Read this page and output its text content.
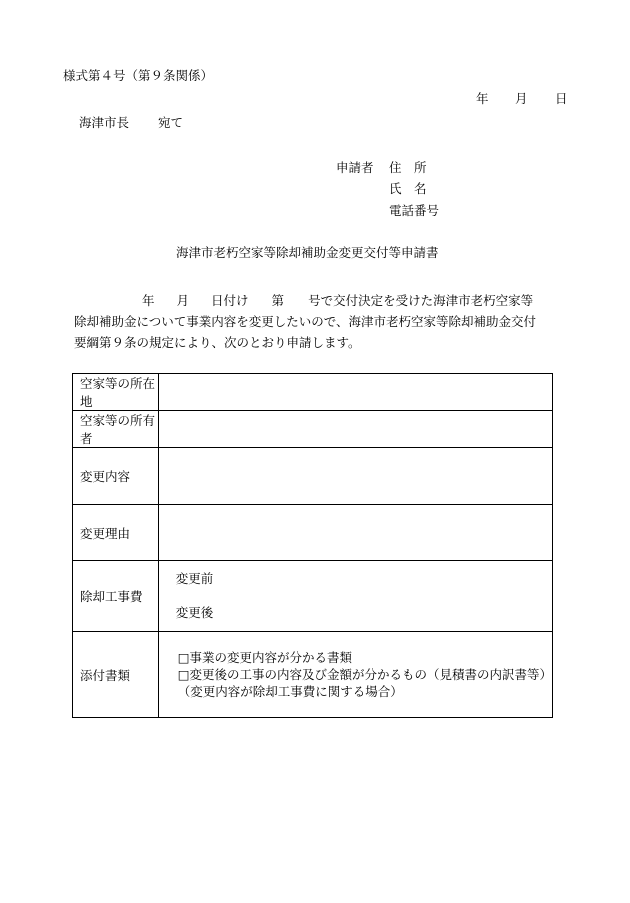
様式第４号（第９条関係）
年 月 日
海津市長 宛て
申請者 住　所
氏　名
電話番号
海津市老朽空家等除却補助金変更交付等申請書
年 月 日付け 第 号で交付決定を受けた海津市老朽空家等
除却補助金について事業内容を変更したいので、海津市老朽空家等除却補助金交付
要綱第９条の規定により、次のとおり申請します。
空家等の所在地	
空家等の所有者	
変更内容	
変更理由	
除却工事費	変更前
変更後

添付書類	□事業の変更内容が分かる書類
□変更後の工事の内容及び金額が分かるもの（見積書の内訳書等）
（変更内容が除却工事費に関する場合）
